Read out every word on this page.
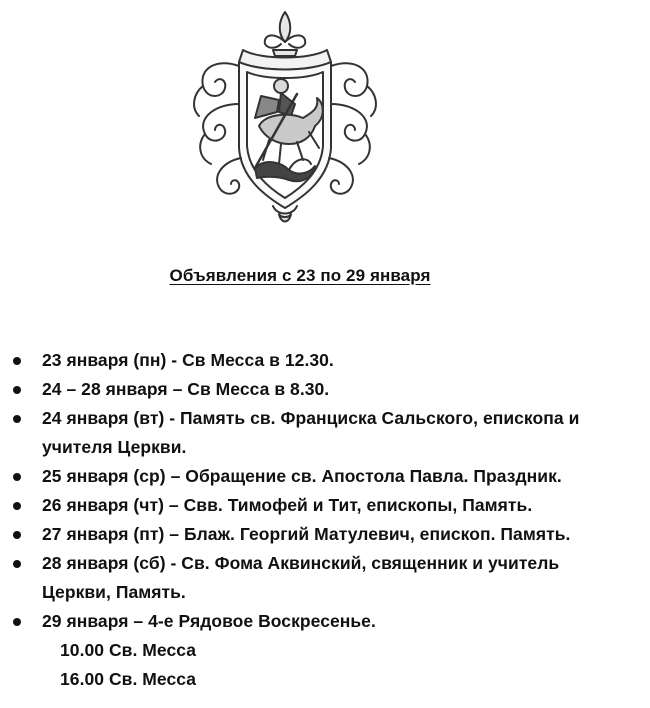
Объявления с 23 по 29 января
23 января (пн) - Св Месса в 12.30.
24 – 28 января – Св Месса в 8.30.
24 января (вт) - Память св. Франциска Сальского, епископа и
учителя Церкви.
25 января (ср) – Обращение св. Апостола Павла. Праздник.
26 января (чт) – Свв. Тимофей и Тит, епископы, Память.
27 января (пт) – Блаж. Георгий Матулевич, епископ. Память.
28 января (сб) - Св. Фома Аквинский, священник и учитель
Церкви, Память.
29 января – 4-е Рядовое Воскресенье.
10.00 Св. Месса
16.00 Св. Месса
